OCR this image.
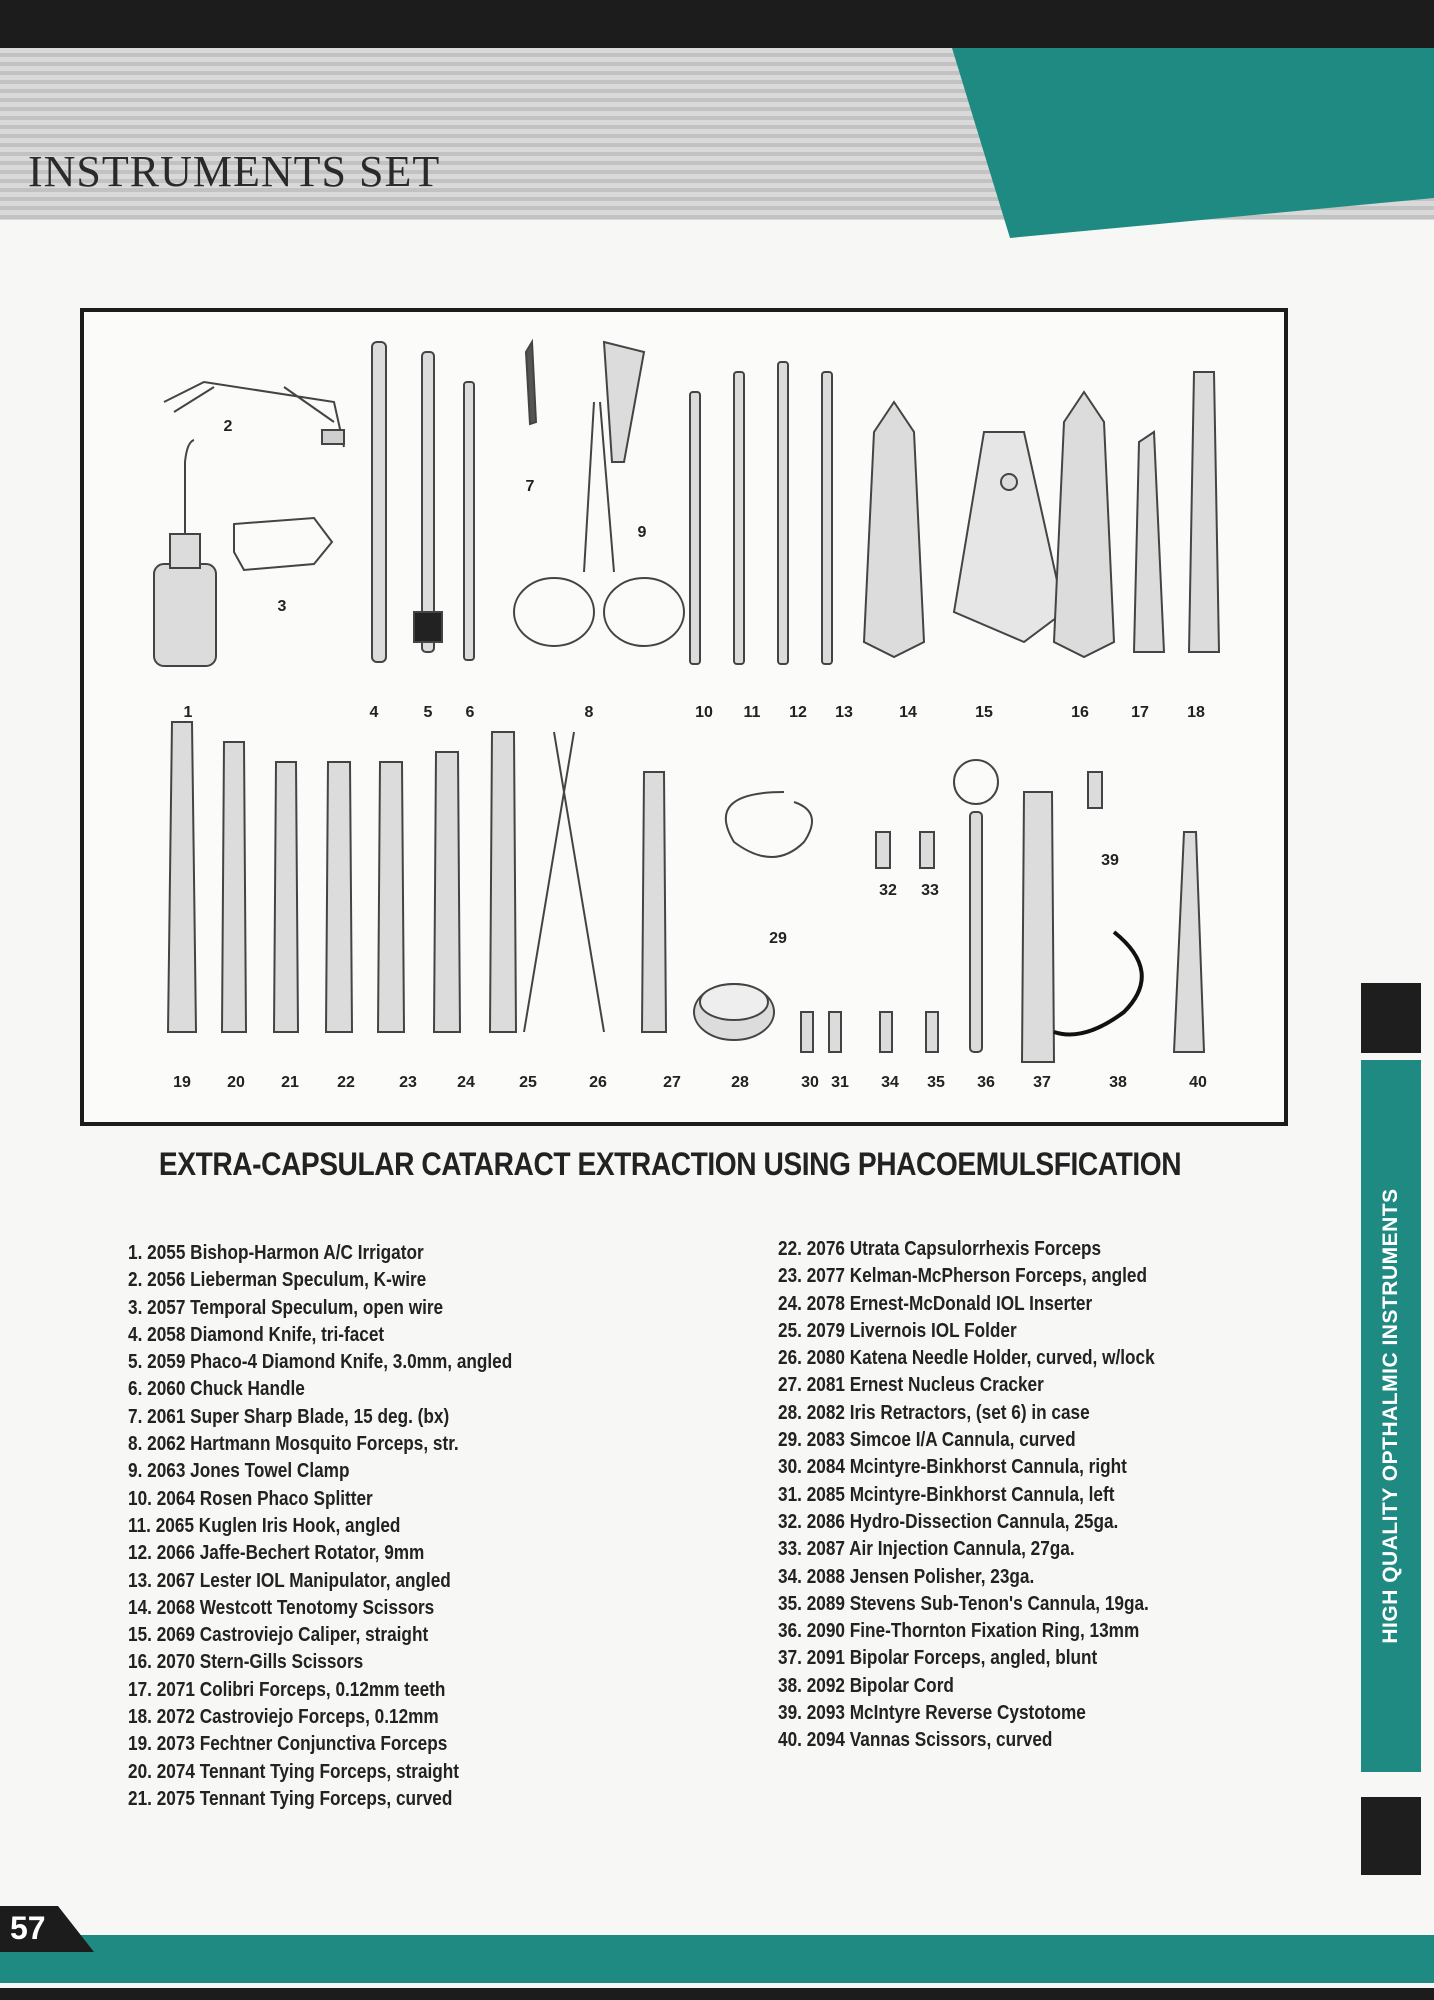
INSTRUMENTS SET
1
2
3
4	5 6
7
8
9
10 11 12 13	14	15	16	17 18
19 20 21 22	23	24	25	26	27	28
29
30 31
32 33
34 35 36 37	38
39
40
EXTRA-CAPSULAR CATARACT EXTRACTION USING PHACOEMULSFICATION
1. 2055 Bishop-Harmon A/C Irrigator
2. 2056 Lieberman Speculum, K-wire
3. 2057 Temporal Speculum, open wire
4. 2058 Diamond Knife, tri-facet
5. 2059 Phaco-4 Diamond Knife, 3.0mm, angled
6. 2060 Chuck Handle
7. 2061 Super Sharp Blade, 15 deg. (bx)
8. 2062 Hartmann Mosquito Forceps, str.
9. 2063 Jones Towel Clamp
10. 2064 Rosen Phaco Splitter
11. 2065 Kuglen Iris Hook, angled
12. 2066 Jaffe-Bechert Rotator, 9mm
13. 2067 Lester IOL Manipulator, angled
14. 2068 Westcott Tenotomy Scissors
15. 2069 Castroviejo Caliper, straight
16. 2070 Stern-Gills Scissors
17. 2071 Colibri Forceps, 0.12mm teeth
18. 2072 Castroviejo Forceps, 0.12mm
19. 2073 Fechtner Conjunctiva Forceps
20. 2074 Tennant Tying Forceps, straight
21. 2075 Tennant Tying Forceps, curved
22. 2076 Utrata Capsulorrhexis Forceps
23. 2077 Kelman-McPherson Forceps, angled
24. 2078 Ernest-McDonald IOL Inserter
25. 2079 Livernois IOL Folder
26. 2080 Katena Needle Holder, curved, w/lock
27. 2081 Ernest Nucleus Cracker
28. 2082 Iris Retractors, (set 6) in case
29. 2083 Simcoe I/A Cannula, curved
30. 2084 Mcintyre-Binkhorst Cannula, right
31. 2085 Mcintyre-Binkhorst Cannula, left
32. 2086 Hydro-Dissection Cannula, 25ga.
33. 2087 Air Injection Cannula, 27ga.
34. 2088 Jensen Polisher, 23ga.
35. 2089 Stevens Sub-Tenon's Cannula, 19ga.
36. 2090 Fine-Thornton Fixation Ring, 13mm
37. 2091 Bipolar Forceps, angled, blunt
38. 2092 Bipolar Cord
39. 2093 McIntyre Reverse Cystotome
40. 2094 Vannas Scissors, curved
HIGH QUALITY OPTHALMIC INSTRUMENTS

57
